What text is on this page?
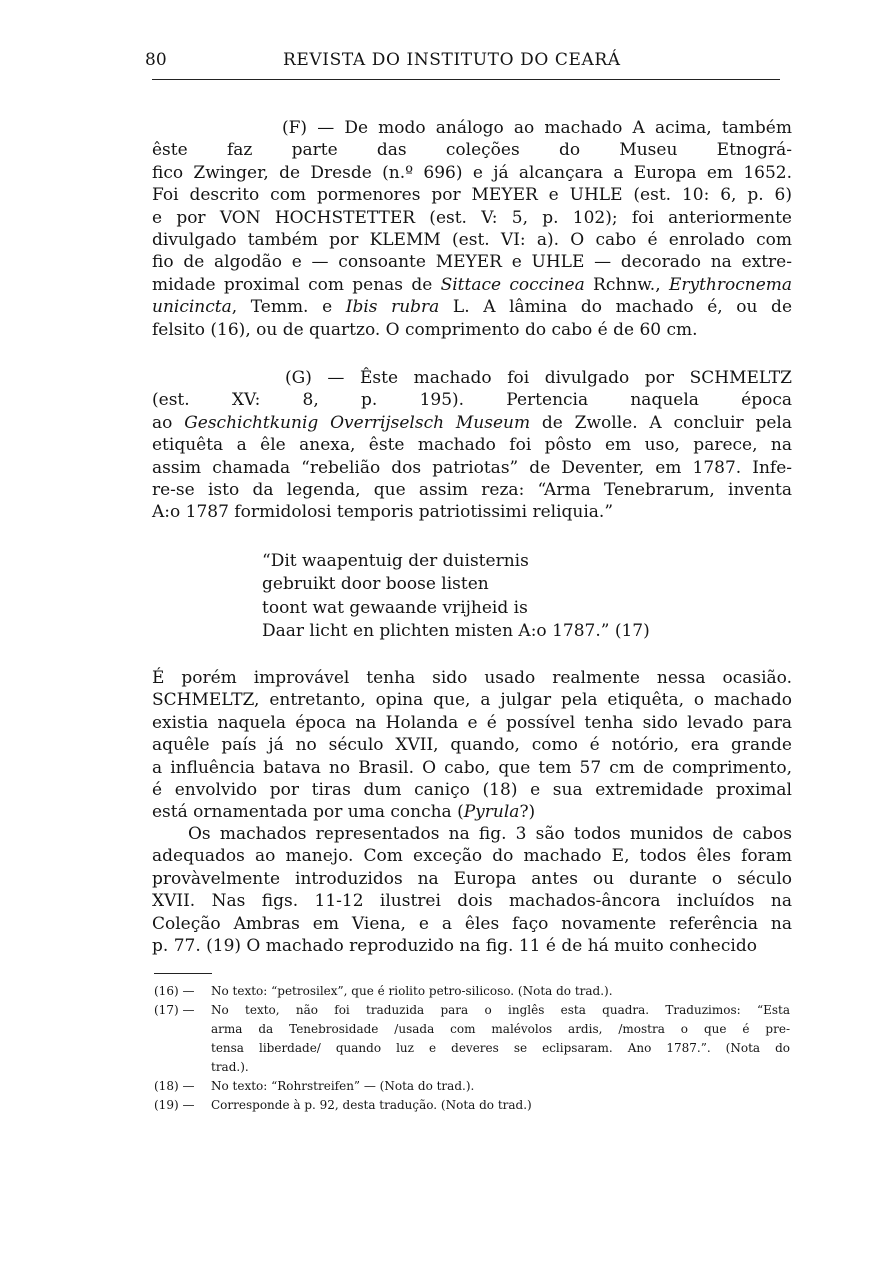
80	REVISTA DO INSTITUTO DO CEARÁ
(F) — De modo análogo ao machado A acima, também
êste faz parte das coleções do Museu Etnográ-
fico Zwinger, de Dresde (n.º 696) e já alcançara a Europa em 1652.
Foi descrito com pormenores por MEYER e UHLE (est. 10: 6, p. 6)
e por VON HOCHSTETTER (est. V: 5, p. 102); foi anteriormente
divulgado também por KLEMM (est. VI: a). O cabo é enrolado com
fio de algodão e — consoante MEYER e UHLE — decorado na extre-
midade proximal com penas de Sittace coccinea Rchnw., Erythrocnema
unicincta, Temm. e Ibis rubra L. A lâmina do machado é, ou de
felsito (16), ou de quartzo. O comprimento do cabo é de 60 cm.
(G) — Êste machado foi divulgado por SCHMELTZ
(est. XV: 8, p. 195). Pertencia naquela época
ao Geschichtkunig Overrijselsch Museum de Zwolle. A concluir pela
etiquêta a êle anexa, êste machado foi pôsto em uso, parece, na
assim chamada “rebelião dos patriotas” de Deventer, em 1787. Infe-
re-se isto da legenda, que assim reza: “Arma Tenebrarum, inventa
A:o 1787 formidolosi temporis patriotissimi reliquia.”
É porém improvável tenha sido usado realmente nessa ocasião.
SCHMELTZ, entretanto, opina que, a julgar pela etiquêta, o machado
existia naquela época na Holanda e é possível tenha sido levado para
aquêle país já no século XVII, quando, como é notório, era grande
a influência batava no Brasil. O cabo, que tem 57 cm de comprimento,
é envolvido por tiras dum caniço (18) e sua extremidade proximal
está ornamentada por uma concha (Pyrula?)
Os machados representados na fig. 3 são todos munidos de cabos
adequados ao manejo. Com exceção do machado E, todos êles foram
provàvelmente introduzidos na Europa antes ou durante o século
XVII. Nas figs. 11-12 ilustrei dois machados-âncora incluídos na
Coleção Ambras em Viena, e a êles faço novamente referência na
p. 77. (19) O machado reproduzido na fig. 11 é de há muito conhecido
“Dit waapentuig der duisternis
gebruikt door boose listen
toont wat gewaande vrijheid is
Daar licht en plichten misten A:o 1787.” (17)
(16) — No texto: “petrosilex”, que é riolito petro-silicoso. (Nota do trad.).
(17) — No texto, não foi traduzida para o inglês esta quadra. Traduzimos: “Esta
arma da Tenebrosidade /usada com malévolos ardis, /mostra o que é pre-
tensa liberdade/ quando luz e deveres se eclipsaram. Ano 1787.”. (Nota do
trad.).
(18) — No texto: “Rohrstreifen” — (Nota do trad.).
(19) — Corresponde à p. 92, desta tradução. (Nota do trad.)
